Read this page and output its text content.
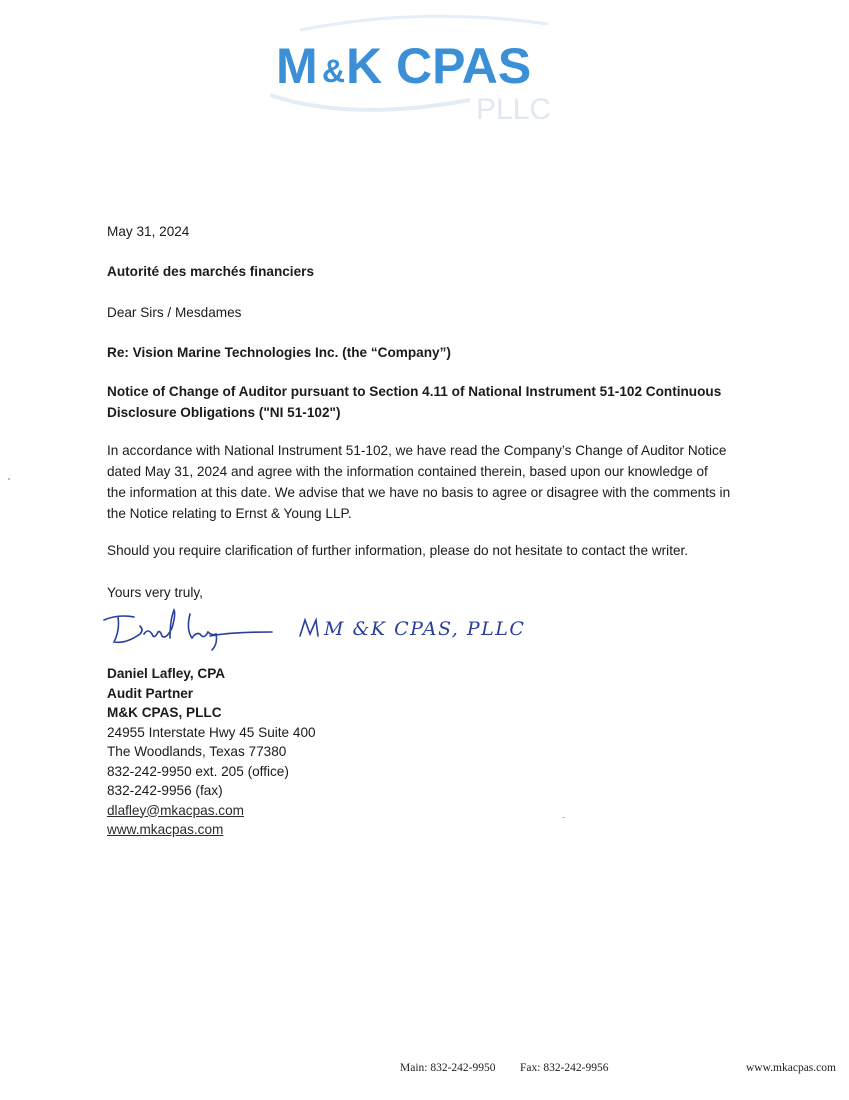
M & K CPAS
PLLC

May 31, 2024

Autorité des marchés financiers

Dear Sirs / Mesdames

Re: Vision Marine Technologies Inc. (the “Company”)

Notice of Change of Auditor pursuant to Section 4.11 of National Instrument 51-102 Continuous
Disclosure Obligations ("NI 51-102")
In accordance with National Instrument 51-102, we have read the Company’s Change of Auditor Notice
dated May 31, 2024 and agree with the information contained therein, based upon our knowledge of
the information at this date. We advise that we have no basis to agree or disagree with the comments in
the Notice relating to Ernst & Young LLP.

Should you require clarification of further information, please do not hesitate to contact the writer.

Yours very truly,

M &K CPAS, PLLC
Daniel Lafley, CPA
Audit Partner
M&K CPAS, PLLC
24955 Interstate Hwy 45 Suite 400
The Woodlands, Texas 77380
832-242-9950 ext. 205 (office)
832-242-9956 (fax)
dlafley@mkacpas.com
www.mkacpas.com
Main: 832-242-9950 Fax: 832-242-9956	www.mkacpas.com
